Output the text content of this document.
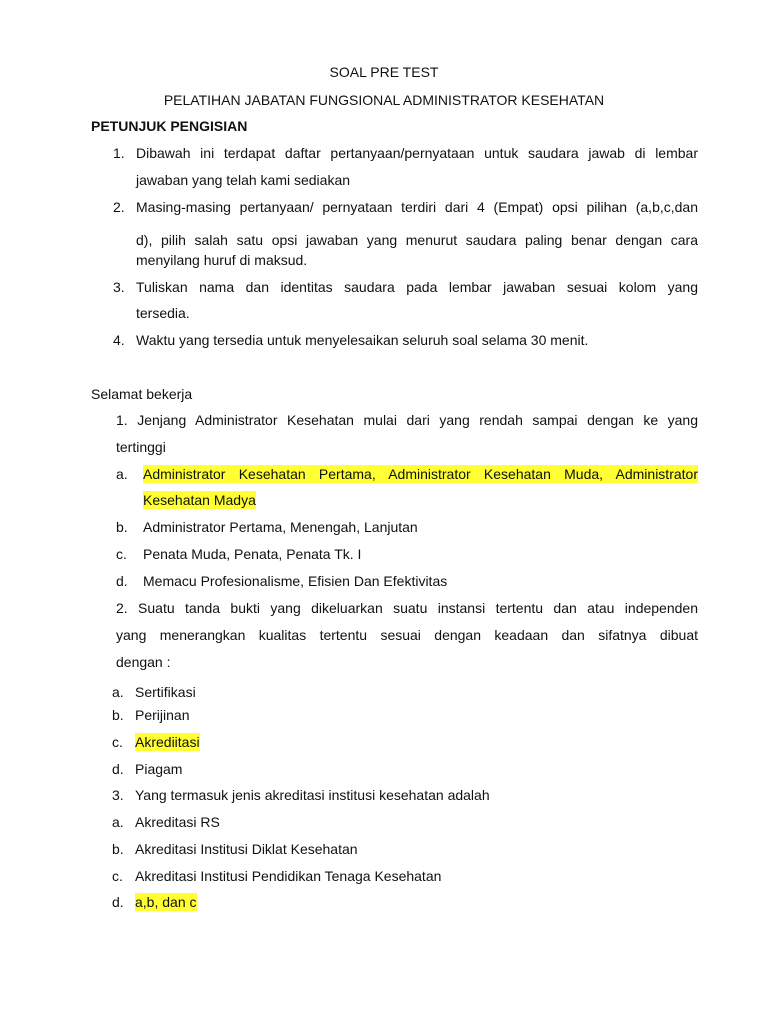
SOAL PRE TEST
PELATIHAN JABATAN FUNGSIONAL ADMINISTRATOR KESEHATAN
PETUNJUK PENGISIAN
1. Dibawah ini terdapat daftar pertanyaan/pernyataan untuk saudara jawab di lembar
jawaban yang telah kami sediakan
2. Masing-masing pertanyaan/ pernyataan terdiri dari 4 (Empat) opsi pilihan (a,b,c,dan
d), pilih salah satu opsi jawaban yang menurut saudara paling benar dengan cara
menyilang huruf di maksud.
3. Tuliskan nama dan identitas saudara pada lembar jawaban sesuai kolom yang
tersedia.
4. Waktu yang tersedia untuk menyelesaikan seluruh soal selama 30 menit.
Selamat bekerja
1. Jenjang Administrator Kesehatan mulai dari yang rendah sampai dengan ke yang
tertinggi
a. Administrator Kesehatan Pertama, Administrator Kesehatan Muda, Administrator
Kesehatan Madya
b. Administrator Pertama, Menengah, Lanjutan
c. Penata Muda, Penata, Penata Tk. I
d. Memacu Profesionalisme, Efisien Dan Efektivitas
2. Suatu tanda bukti yang dikeluarkan suatu instansi tertentu dan atau independen
yang menerangkan kualitas tertentu sesuai dengan keadaan dan sifatnya dibuat
dengan :
a. Sertifikasi
b. Perijinan
c. Akrediitasi
d. Piagam
3. Yang termasuk jenis akreditasi institusi kesehatan adalah
a. Akreditasi RS
b. Akreditasi Institusi Diklat Kesehatan
c. Akreditasi Institusi Pendidikan Tenaga Kesehatan
d. a,b, dan c
